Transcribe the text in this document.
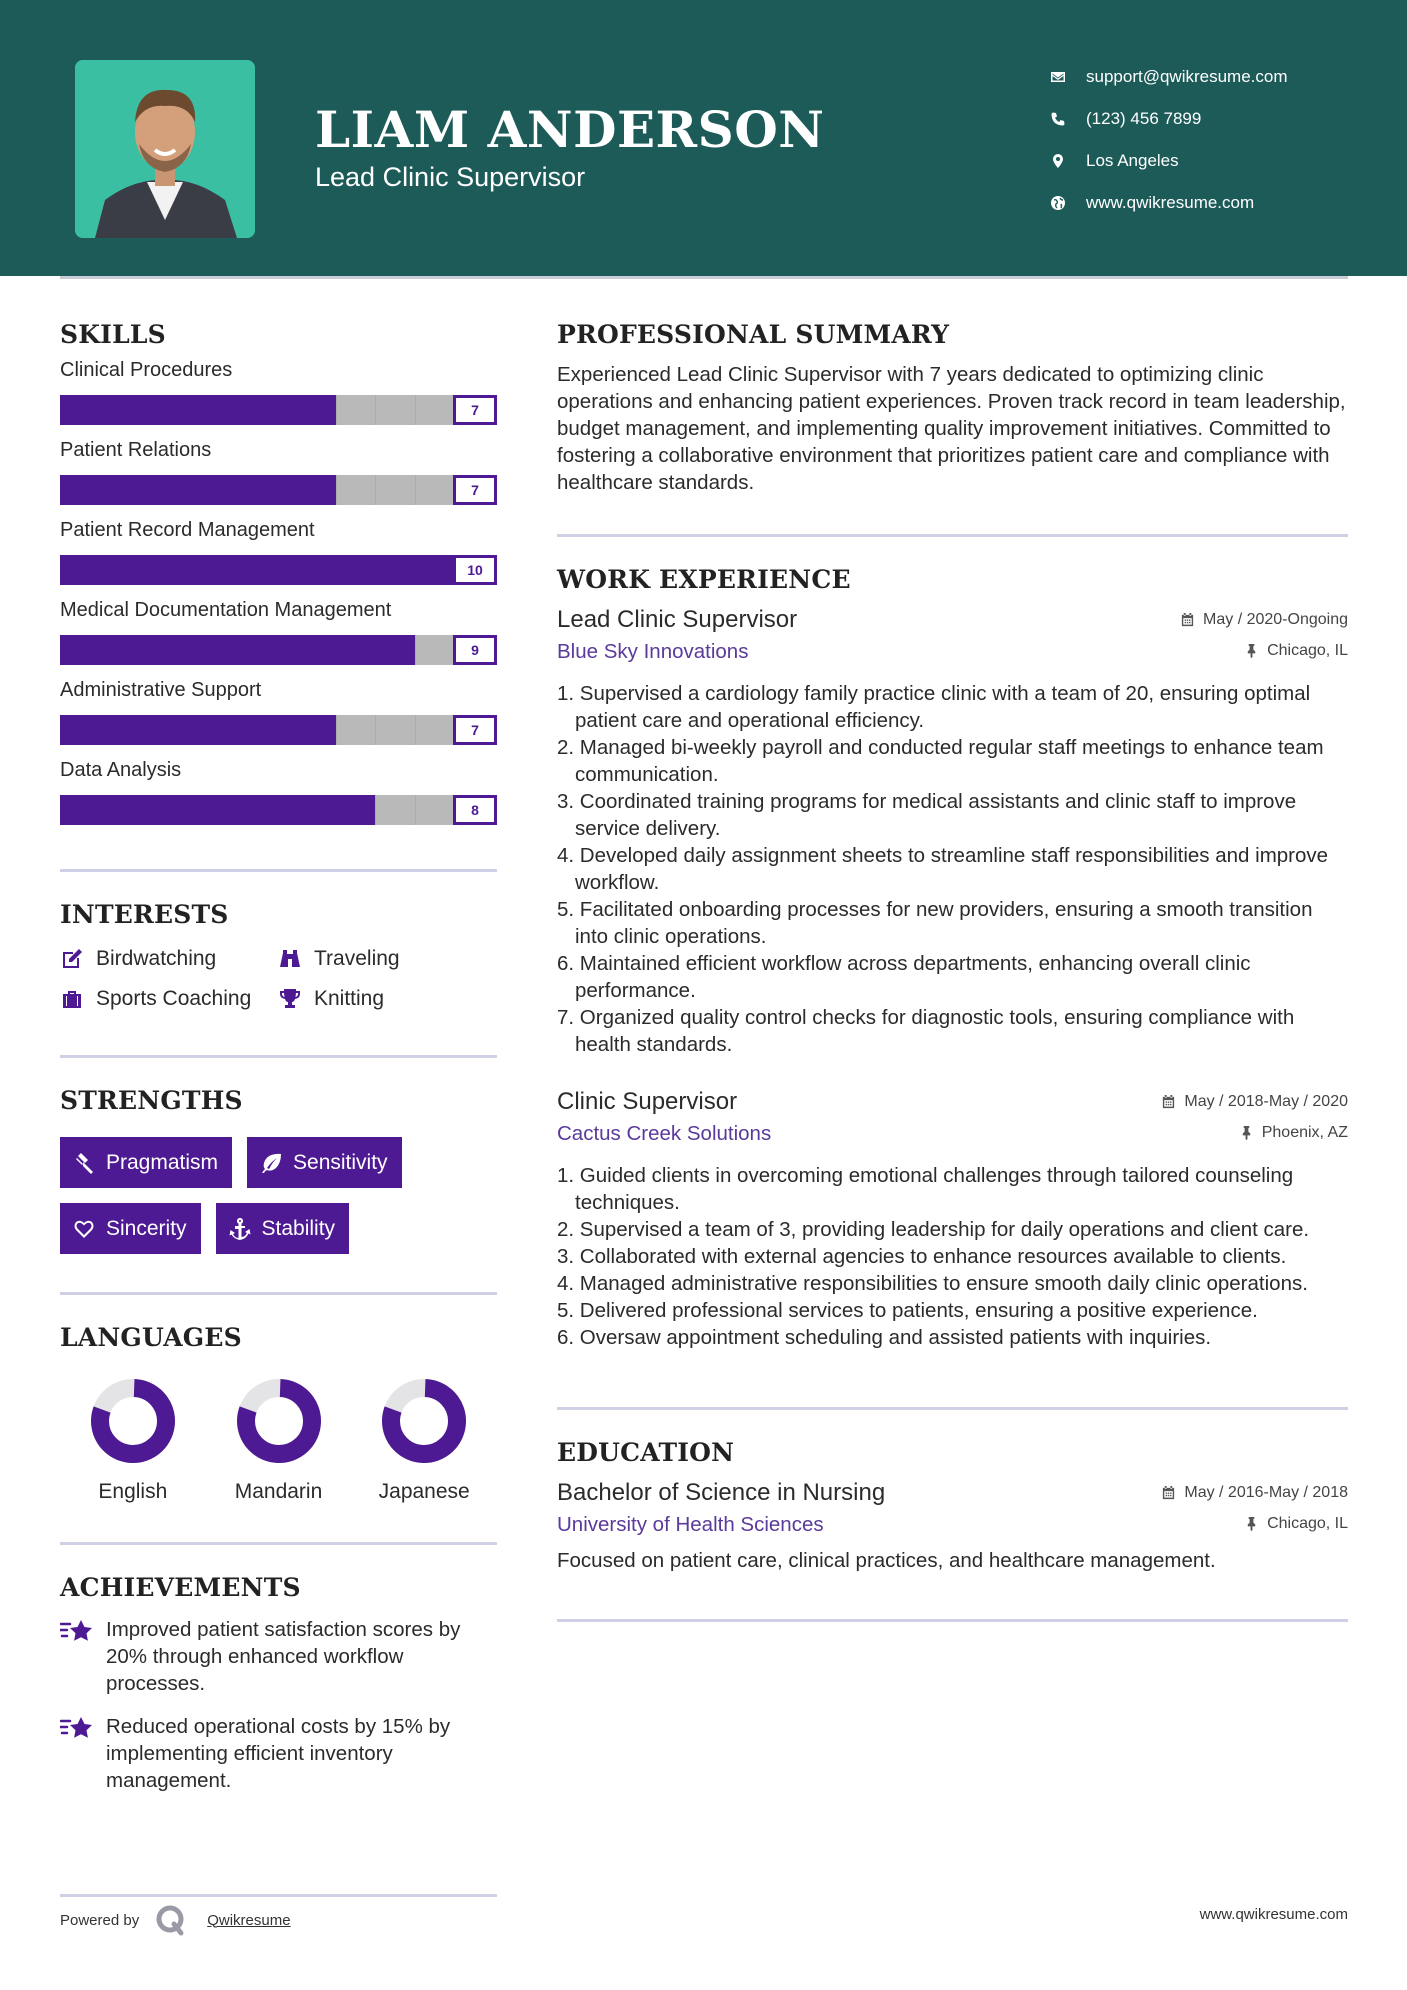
LIAM ANDERSON
Lead Clinic Supervisor
support@qwikresume.com
(123) 456 7899
Los Angeles
www.qwikresume.com
SKILLS
Clinical Procedures
7
Patient Relations
7
Patient Record Management
10
Medical Documentation Management
9
Administrative Support
7
Data Analysis
8
INTERESTS
Birdwatching	Traveling
Sports Coaching	Knitting
STRENGTHS
Pragmatism	Sensitivity
Sincerity	Stability
LANGUAGES
English	Mandarin	Japanese
ACHIEVEMENTS
Improved patient satisfaction scores by 20% through enhanced workflow processes.
Reduced operational costs by 15% by implementing efficient inventory management.
PROFESSIONAL SUMMARY
Experienced Lead Clinic Supervisor with 7 years dedicated to optimizing clinic operations and enhancing patient experiences. Proven track record in team leadership, budget management, and implementing quality improvement initiatives. Committed to fostering a collaborative environment that prioritizes patient care and compliance with healthcare standards.
WORK EXPERIENCE
Lead Clinic Supervisor	May / 2020-Ongoing
Blue Sky Innovations	Chicago, IL
1. Supervised a cardiology family practice clinic with a team of 20, ensuring optimal patient care and operational efficiency.
2. Managed bi-weekly payroll and conducted regular staff meetings to enhance team communication.
3. Coordinated training programs for medical assistants and clinic staff to improve service delivery.
4. Developed daily assignment sheets to streamline staff responsibilities and improve workflow.
5. Facilitated onboarding processes for new providers, ensuring a smooth transition into clinic operations.
6. Maintained efficient workflow across departments, enhancing overall clinic performance.
7. Organized quality control checks for diagnostic tools, ensuring compliance with health standards.
Clinic Supervisor	May / 2018-May / 2020
Cactus Creek Solutions	Phoenix, AZ
1. Guided clients in overcoming emotional challenges through tailored counseling techniques.
2. Supervised a team of 3, providing leadership for daily operations and client care.
3. Collaborated with external agencies to enhance resources available to clients.
4. Managed administrative responsibilities to ensure smooth daily clinic operations.
5. Delivered professional services to patients, ensuring a positive experience.
6. Oversaw appointment scheduling and assisted patients with inquiries.
EDUCATION
Bachelor of Science in Nursing	May / 2016-May / 2018
University of Health Sciences	Chicago, IL
Focused on patient care, clinical practices, and healthcare management.
Powered by	Qwikresume	www.qwikresume.com
